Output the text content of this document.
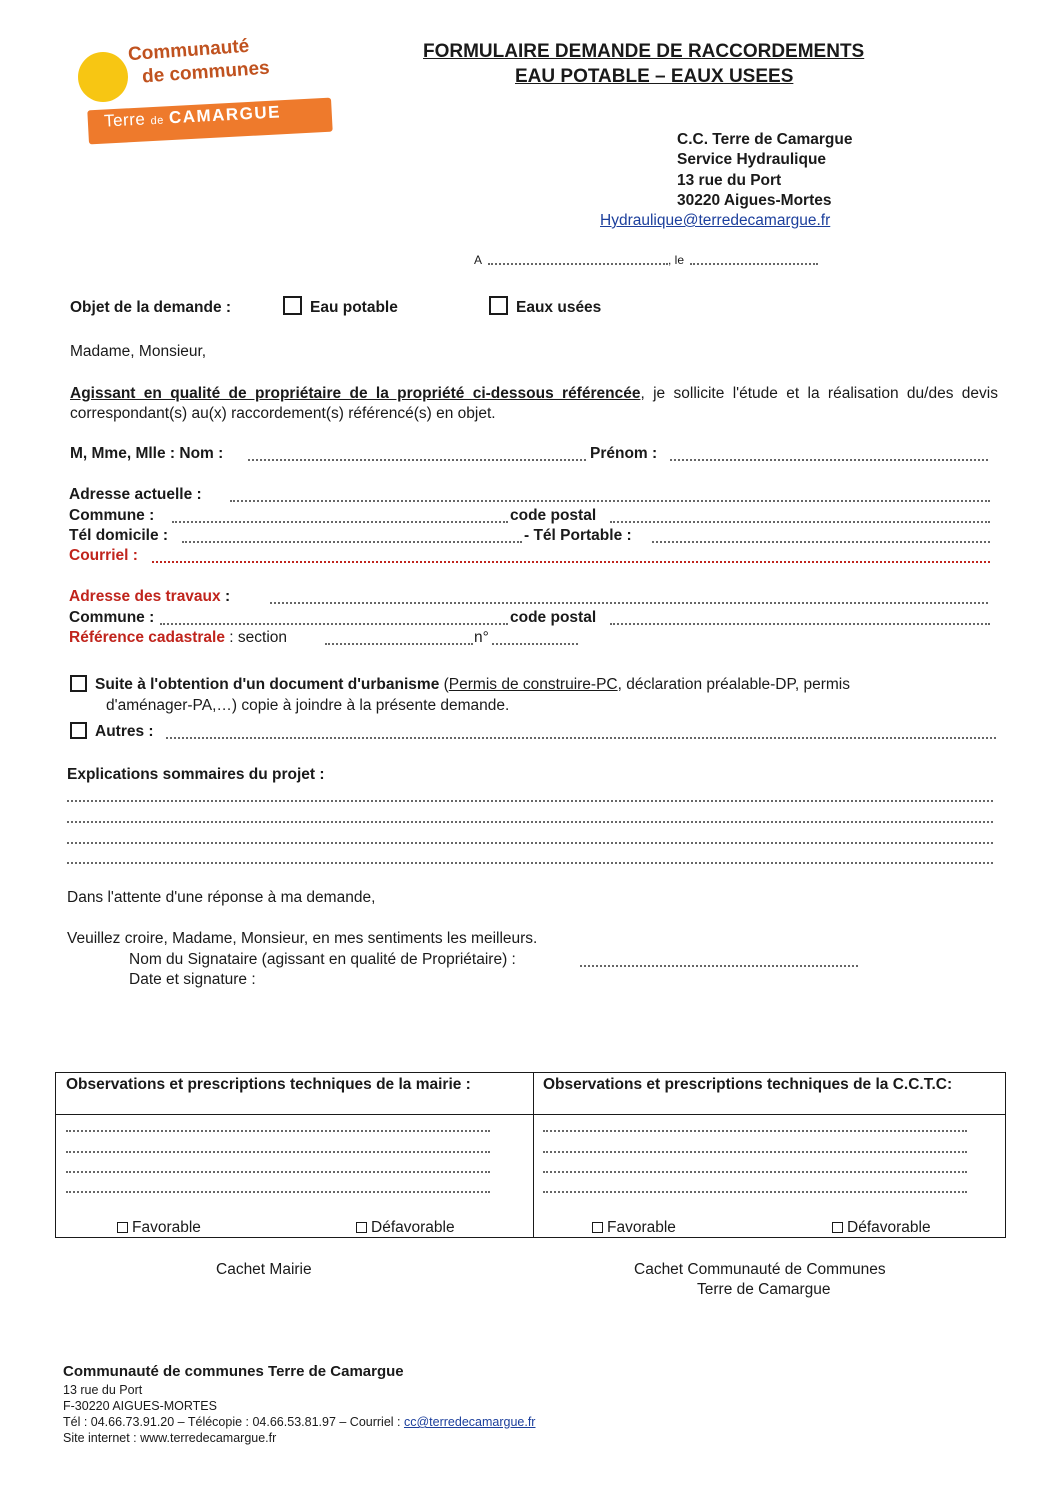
Communauté
de communes
Terre de CAMARGUE
FORMULAIRE DEMANDE DE RACCORDEMENTS
EAU POTABLE – EAUX USEES
C.C. Terre de Camargue
Service Hydraulique
13 rue du Port
30220 Aigues-Mortes
Hydraulique@terredecamargue.fr
A	, le
Objet de la demande :	Eau potable	Eaux usées
Madame, Monsieur,
Agissant en qualité de propriétaire de la propriété ci-dessous référencée, je sollicite l'étude et la réalisation du/des devis correspondant(s) au(x) raccordement(s) référencé(s) en objet.
M, Mme, Mlle : Nom :	Prénom :
Adresse actuelle :
Commune :	code postal
Tél domicile :	- Tél Portable :
Courriel :
Adresse des travaux :
Commune :	code postal
Référence cadastrale : section	n°
Suite à l'obtention d'un document d'urbanisme (Permis de construire-PC, déclaration préalable-DP, permis
d'aménager-PA,…) copie à joindre à la présente demande.
Autres :
Explications sommaires du projet :
Dans l'attente d'une réponse à ma demande,
Veuillez croire, Madame, Monsieur, en mes sentiments les meilleurs.
Nom du Signataire (agissant en qualité de Propriétaire) :
Date et signature :
Observations et prescriptions techniques de la mairie :	Observations et prescriptions techniques de la C.C.T.C:
Favorable	Défavorable	Favorable	Défavorable
Cachet Mairie	Cachet Communauté de Communes
Terre de Camargue
Communauté de communes Terre de Camargue
13 rue du Port
F-30220 AIGUES-MORTES
Tél : 04.66.73.91.20 – Télécopie : 04.66.53.81.97 – Courriel : cc@terredecamargue.fr
Site internet : www.terredecamargue.fr
